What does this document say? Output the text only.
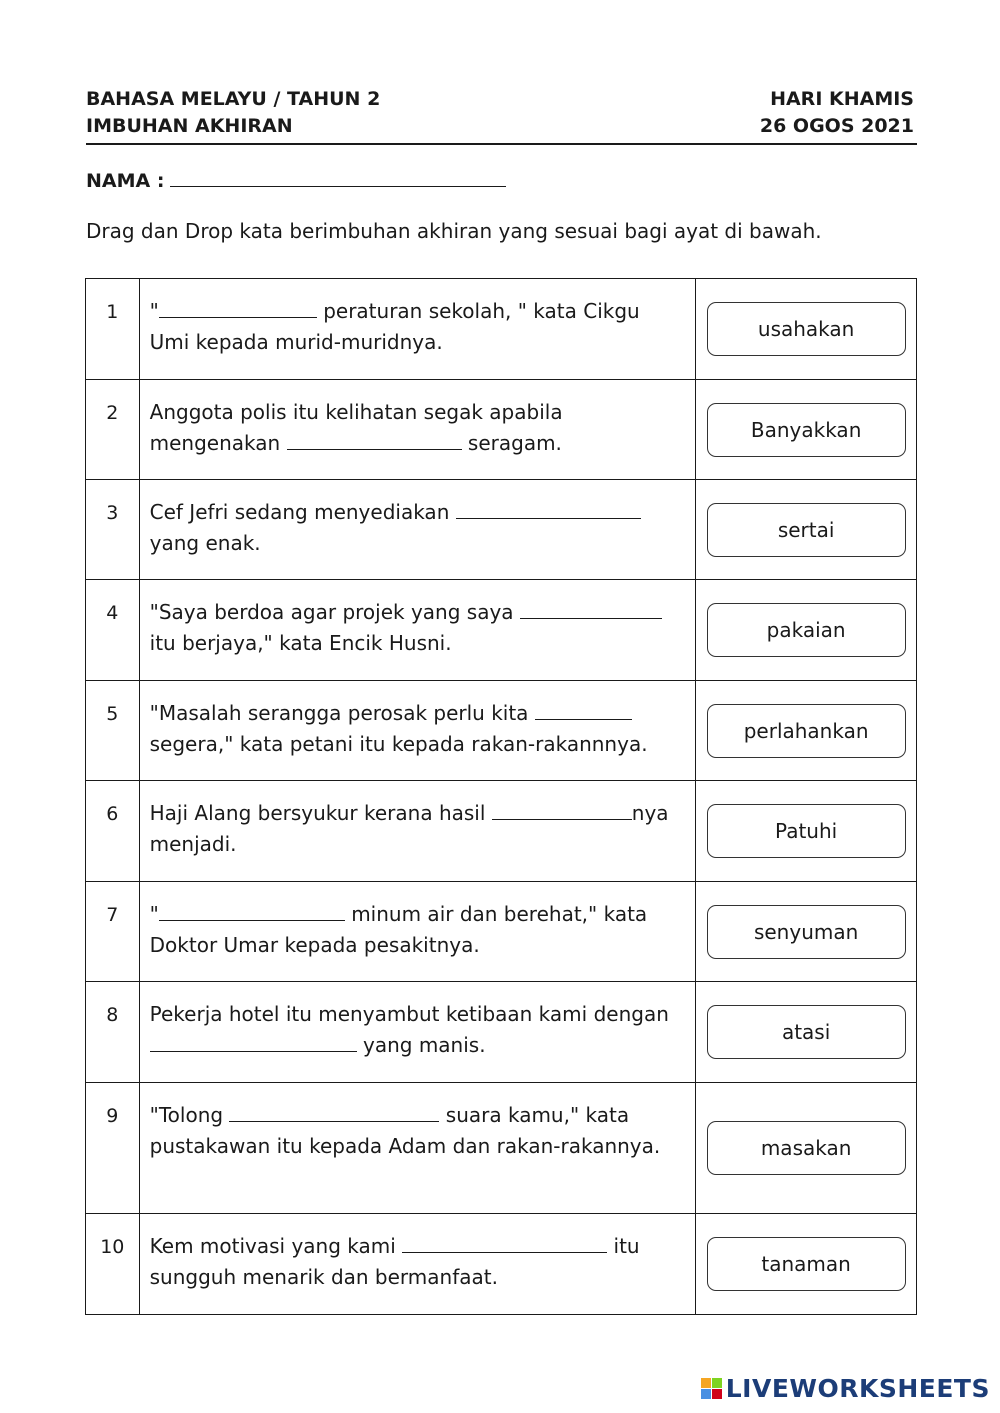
BAHASA MELAYU / TAHUN 2
IMBUHAN AKHIRAN
HARI KHAMIS
26 OGOS 2021
NAMA :
Drag dan Drop kata berimbuhan akhiran yang sesuai bagi ayat di bawah.
1	" peraturan sekolah, " kata Cikgu Umi kepada murid-muridnya.	usahakan

2	Anggota polis itu kelihatan segak apabila mengenakan seragam.	Banyakkan

3	Cef Jefri sedang menyediakan  yang enak.	sertai

4	"Saya berdoa agar projek yang saya  itu berjaya," kata Encik Husni.	pakaian

5	"Masalah serangga perosak perlu kita  segera," kata petani itu kepada rakan-rakannnya.	perlahankan

6	Haji Alang bersyukur kerana hasil nya menjadi.	Patuhi

7	" minum air dan berehat," kata Doktor Umar kepada pesakitnya.	senyuman

8	Pekerja hotel itu menyambut ketibaan kami dengan  yang manis.	atasi

9	"Tolong suara kamu," kata pustakawan itu kepada Adam dan rakan-rakannya.	masakan

10	Kem motivasi yang kami itu sungguh menarik dan bermanfaat.	tanaman
LIVEWORKSHEETS
